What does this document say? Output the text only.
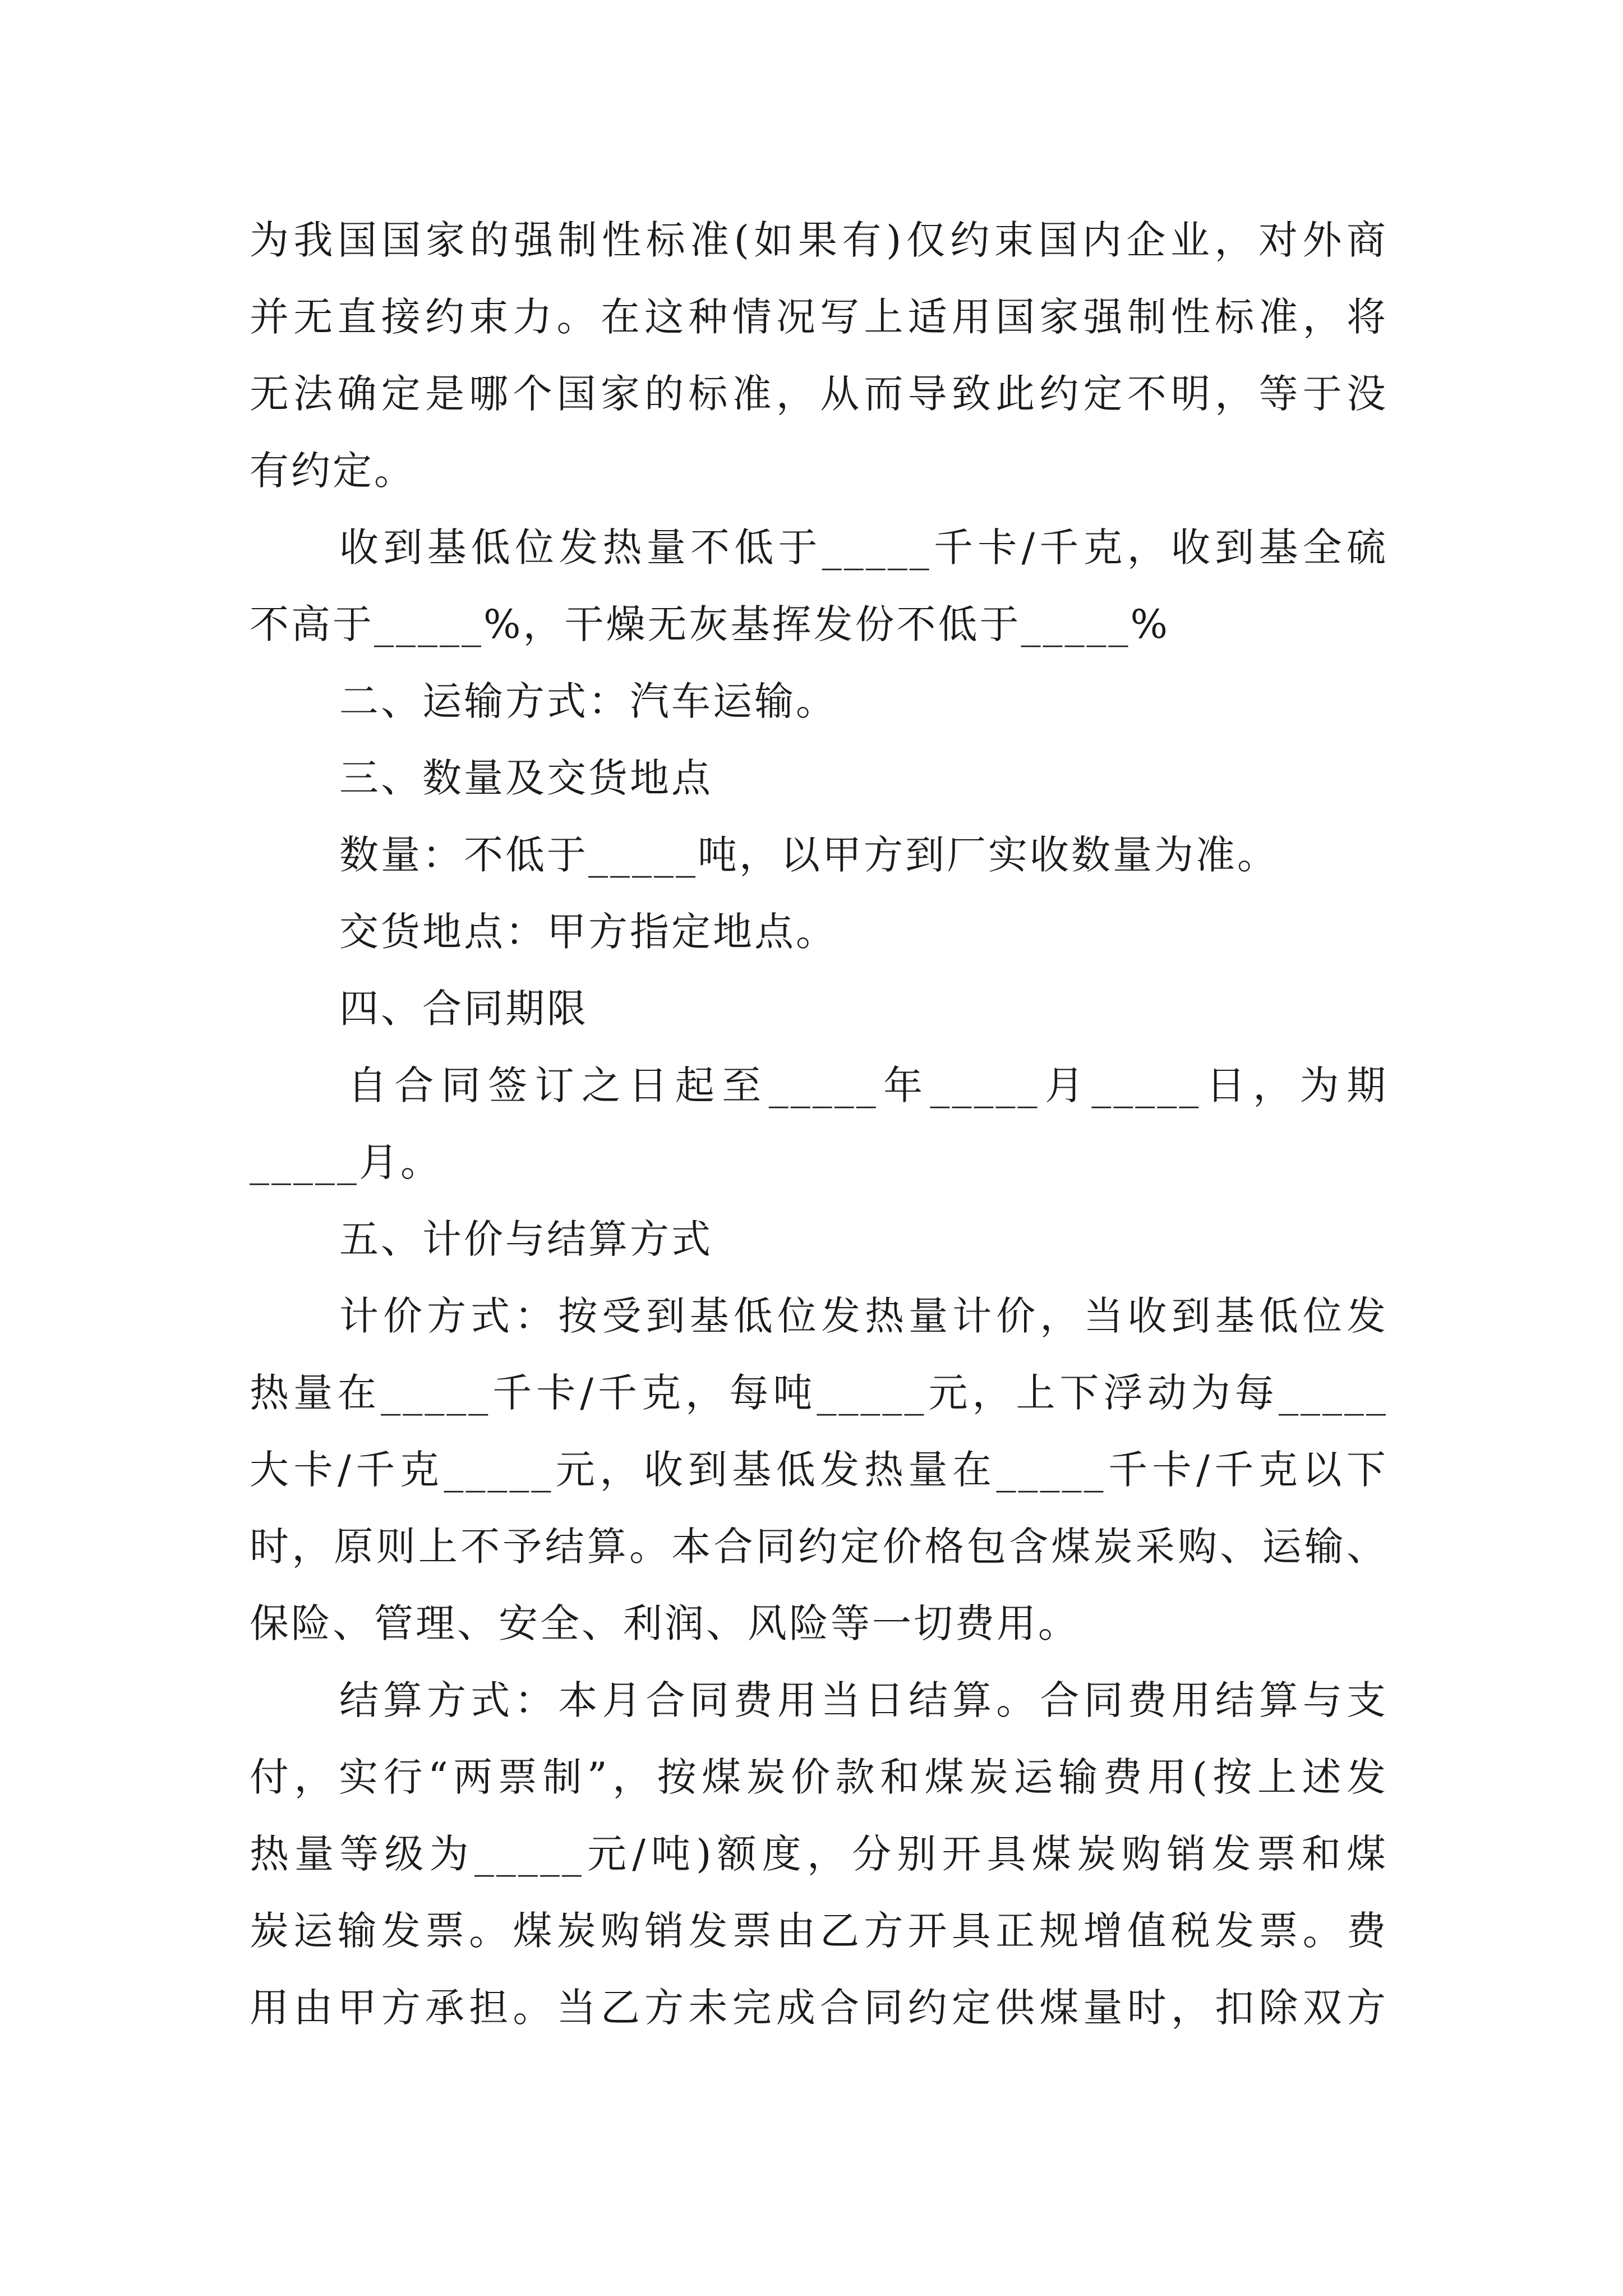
为我国国家的强制性标准(如果有)仅约束国内企业，对外商
并无直接约束力。在这种情况写上适用国家强制性标准，将
无法确定是哪个国家的标准，从而导致此约定不明，等于没
有约定。
收到基低位发热量不低于_____千卡/千克，收到基全硫
不高于_____%，干燥无灰基挥发份不低于_____%
二、运输方式：汽车运输。
三、数量及交货地点
数量：不低于_____吨，以甲方到厂实收数量为准。
交货地点：甲方指定地点。
四、合同期限
自合同签订之日起至_____年_____月_____日，为期
_____月。
五、计价与结算方式
计价方式：按受到基低位发热量计价，当收到基低位发
热量在_____千卡/千克，每吨_____元，上下浮动为每_____
大卡/千克_____元，收到基低发热量在_____千卡/千克以下
时，原则上不予结算。本合同约定价格包含煤炭采购、运输、
保险、管理、安全、利润、风险等一切费用。
结算方式：本月合同费用当日结算。合同费用结算与支
付，实行“两票制”，按煤炭价款和煤炭运输费用(按上述发
热量等级为_____元/吨)额度，分别开具煤炭购销发票和煤
炭运输发票。煤炭购销发票由乙方开具正规增值税发票。费
用由甲方承担。当乙方未完成合同约定供煤量时，扣除双方
